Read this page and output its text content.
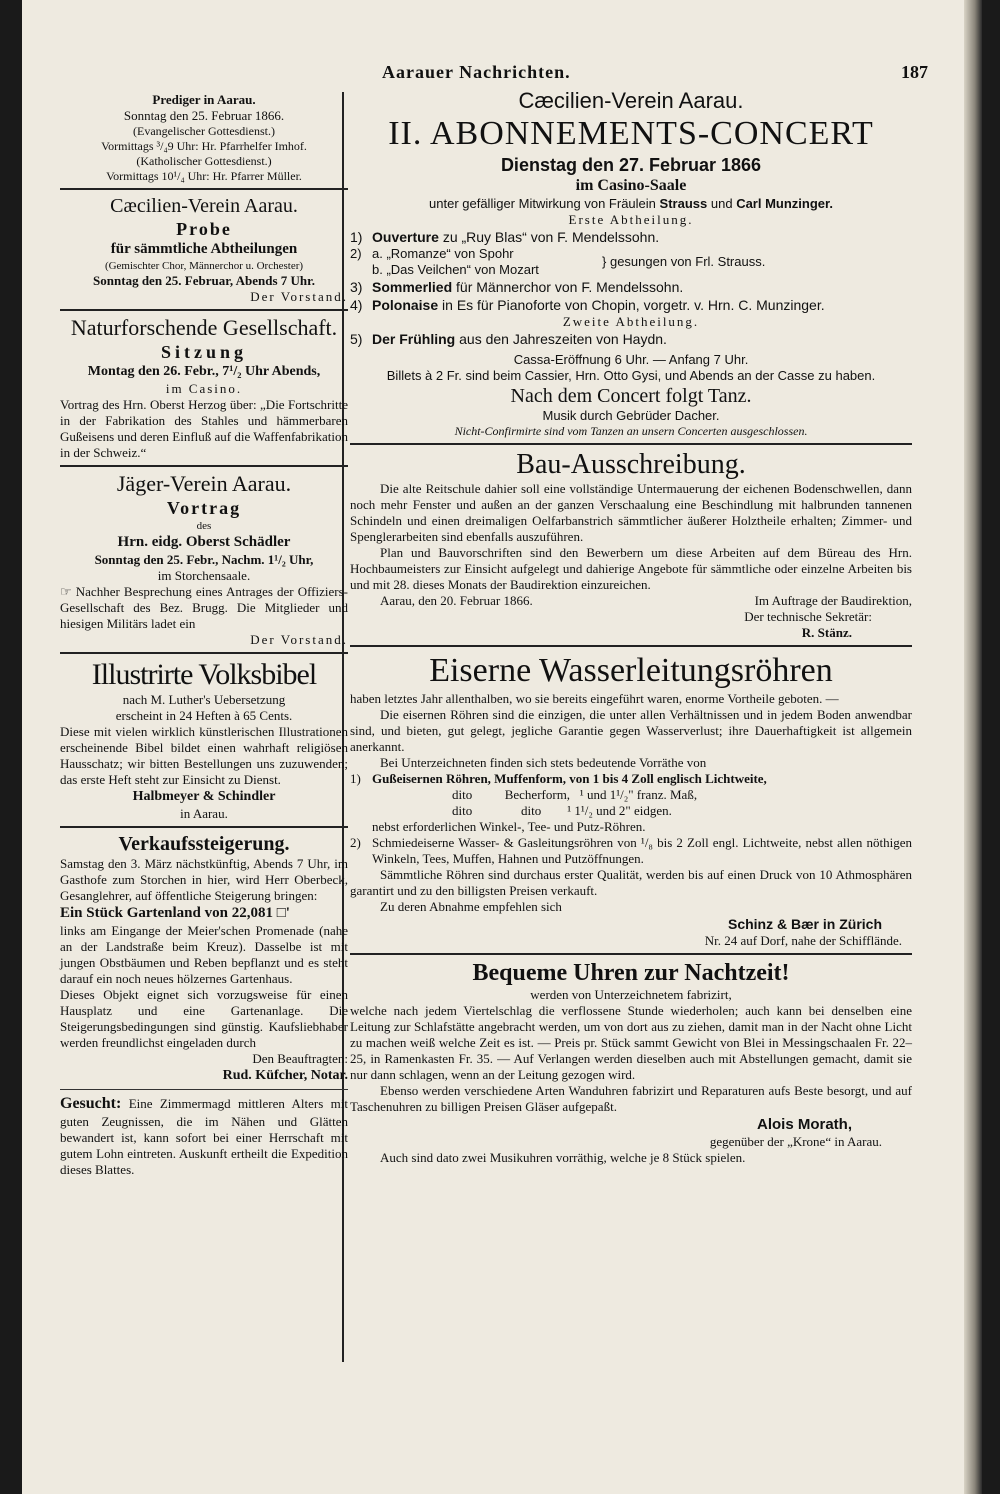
Aarauer Nachrichten.	187

Prediger in Aarau.

Sonntag den 25. Februar 1866.

(Evangelischer Gottesdienst.)

Vormittags ³/₄9 Uhr: Hr. Pfarrhelfer Imhof.

(Katholischer Gottesdienst.)

Vormittags 10¹/₄ Uhr: Hr. Pfarrer Müller.

Cæcilien-Verein Aarau.

Probe

für sämmtliche Abtheilungen

(Gemischter Chor, Männerchor u. Orchester)

Sonntag den 25. Februar, Abends 7 Uhr.

Der Vorstand.

Naturforschende Gesellschaft.

Sitzung

Montag den 26. Febr., 7¹/₂ Uhr Abends,

im Casino.

Vortrag des Hrn. Oberst Herzog über: „Die Fortschritte in der Fabrikation des Stahles und hämmerbaren Gußeisens und deren Einfluß auf die Waffenfabrikation in der Schweiz.“

Jäger-Verein Aarau.

Vortrag

des

Hrn. eidg. Oberst Schädler

Sonntag den 25. Febr., Nachm. 1¹/₂ Uhr,

im Storchensaale.

☞ Nachher Besprechung eines Antrages der Offiziers-Gesellschaft des Bez. Brugg. Die Mitglieder und hiesigen Militärs ladet ein

Der Vorstand.

Illustrirte Volksbibel

nach M. Luther's Uebersetzung

erscheint in 24 Heften à 65 Cents.

Diese mit vielen wirklich künstlerischen Illustrationen erscheinende Bibel bildet einen wahrhaft religiösen Hausschatz; wir bitten Bestellungen uns zuzuwenden; das erste Heft steht zur Einsicht zu Dienst.

Halbmeyer & Schindler

in Aarau.

Verkaufssteigerung.

Samstag den 3. März nächstkünftig, Abends 7 Uhr, im Gasthofe zum Storchen in hier, wird Herr Oberbeck, Gesanglehrer, auf öffentliche Steigerung bringen:

Ein Stück Gartenland von 22,081 □'

links am Eingange der Meier'schen Promenade (nahe an der Landstraße beim Kreuz). Dasselbe ist mit jungen Obstbäumen und Reben bepflanzt und es steht darauf ein noch neues hölzernes Gartenhaus.

Dieses Objekt eignet sich vorzugsweise für einen Hausplatz und eine Gartenanlage. Die Steigerungsbedingungen sind günstig. Kaufsliebhaber werden freundlichst eingeladen durch

Den Beauftragten:

Rud. Küfcher, Notar.

Gesucht: Eine Zimmermagd mittleren Alters mit guten Zeugnissen, die im Nähen und Glätten bewandert ist, kann sofort bei einer Herrschaft mit gutem Lohn eintreten. Auskunft ertheilt die Expedition dieses Blattes.

Cæcilien-Verein Aarau.

II. ABONNEMENTS-CONCERT

Dienstag den 27. Februar 1866

im Casino-Saale

unter gefälliger Mitwirkung von Fräulein Strauss und Carl Munzinger.

Erste Abtheilung.

1) Ouverture zu „Ruy Blas“ von F. Mendelssohn.
2) a. „Romanze“ von Spohr
b. „Das Veilchen“ von Mozart
} gesungen von Frl. Strauss.
3) Sommerlied für Männerchor von F. Mendelssohn.
4) Polonaise in Es für Pianoforte von Chopin, vorgetr. v. Hrn. C. Munzinger.

Zweite Abtheilung.

5) Der Frühling aus den Jahreszeiten von Haydn.

Cassa-Eröffnung 6 Uhr. — Anfang 7 Uhr.

Billets à 2 Fr. sind beim Cassier, Hrn. Otto Gysi, und Abends an der Casse zu haben.

Nach dem Concert folgt Tanz.

Musik durch Gebrüder Dacher.

Nicht-Confirmirte sind vom Tanzen an unsern Concerten ausgeschlossen.

Bau-Ausschreibung.

Die alte Reitschule dahier soll eine vollständige Untermauerung der eichenen Bodenschwellen, dann noch mehr Fenster und außen an der ganzen Verschaalung eine Beschindlung mit halbrunden tannenen Schindeln und einen dreimaligen Oelfarbanstrich sämmtlicher äußerer Holztheile erhalten; Zimmer- und Spenglerarbeiten sind ebenfalls auszuführen.

Plan und Bauvorschriften sind den Bewerbern um diese Arbeiten auf dem Büreau des Hrn. Hochbaumeisters zur Einsicht aufgelegt und dahierige Angebote für sämmtliche oder einzelne Arbeiten bis und mit 28. dieses Monats der Baudirektion einzureichen.

Aarau, den 20. Februar 1866.	Im Auftrage der Baudirektion,

Der technische Sekretär:

R. Stänz.

Eiserne Wasserleitungsröhren

haben letztes Jahr allenthalben, wo sie bereits eingeführt waren, enorme Vortheile geboten. —

Die eisernen Röhren sind die einzigen, die unter allen Verhältnissen und in jedem Boden anwendbar sind, und bieten, gut gelegt, jegliche Garantie gegen Wasserverlust; ihre Dauerhaftigkeit ist allgemein anerkannt.

Bei Unterzeichneten finden sich stets bedeutende Vorräthe von

1) Gußeisernen Röhren, Muffenform, von 1 bis 4 Zoll englisch Lichtweite,
dito          Becherform,   ¹ und 1¹/₂" franz. Maß,
dito               dito        ¹ 1¹/₂ und 2" eidgen.
nebst erforderlichen Winkel-, Tee- und Putz-Röhren.
2) Schmiedeiserne Wasser- & Gasleitungsröhren von ¹/₈ bis 2 Zoll engl. Lichtweite, nebst allen nöthigen Winkeln, Tees, Muffen, Hahnen und Putzöffnungen.

Sämmtliche Röhren sind durchaus erster Qualität, werden bis auf einen Druck von 10 Athmosphären garantirt und zu den billigsten Preisen verkauft.

Zu deren Abnahme empfehlen sich

Schinz & Bær in Zürich

Nr. 24 auf Dorf, nahe der Schifflände.

Bequeme Uhren zur Nachtzeit!

werden von Unterzeichnetem fabrizirt,

welche nach jedem Viertelschlag die verflossene Stunde wiederholen; auch kann bei denselben eine Leitung zur Schlafstätte angebracht werden, um von dort aus zu ziehen, damit man in der Nacht ohne Licht zu machen weiß welche Zeit es ist. — Preis pr. Stück sammt Gewicht von Blei in Messingschaalen Fr. 22–25, in Ramenkasten Fr. 35. — Auf Verlangen werden dieselben auch mit Abstellungen gemacht, damit sie nur dann schlagen, wenn an der Leitung gezogen wird.

Ebenso werden verschiedene Arten Wanduhren fabrizirt und Reparaturen aufs Beste besorgt, und auf Taschenuhren zu billigen Preisen Gläser aufgepaßt.

Alois Morath,

gegenüber der „Krone“ in Aarau.

Auch sind dato zwei Musikuhren vorräthig, welche je 8 Stück spielen.
